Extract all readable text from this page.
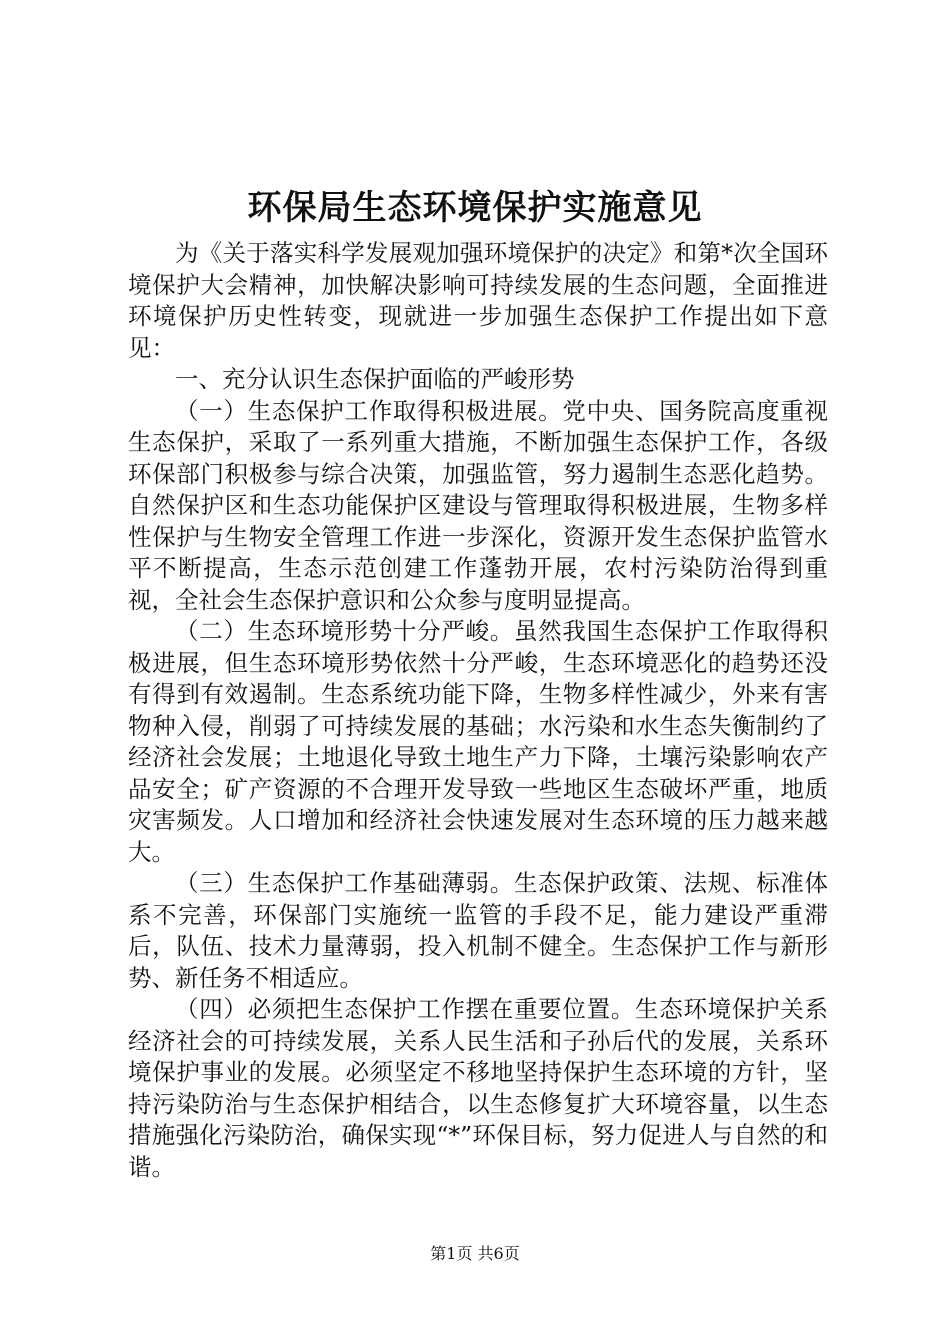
环保局生态环境保护实施意见

为《关于落实科学发展观加强环境保护的决定》和第*次全国环境保护大会精神，加快解决影响可持续发展的生态问题，全面推进环境保护历史性转变，现就进一步加强生态保护工作提出如下意见：

一、充分认识生态保护面临的严峻形势

（一）生态保护工作取得积极进展。党中央、国务院高度重视生态保护，采取了一系列重大措施，不断加强生态保护工作，各级环保部门积极参与综合决策，加强监管，努力遏制生态恶化趋势。自然保护区和生态功能保护区建设与管理取得积极进展，生物多样性保护与生物安全管理工作进一步深化，资源开发生态保护监管水平不断提高，生态示范创建工作蓬勃开展，农村污染防治得到重视，全社会生态保护意识和公众参与度明显提高。

（二）生态环境形势十分严峻。虽然我国生态保护工作取得积极进展，但生态环境形势依然十分严峻，生态环境恶化的趋势还没有得到有效遏制。生态系统功能下降，生物多样性减少，外来有害物种入侵，削弱了可持续发展的基础；水污染和水生态失衡制约了经济社会发展；土地退化导致土地生产力下降，土壤污染影响农产品安全；矿产资源的不合理开发导致一些地区生态破坏严重，地质灾害频发。人口增加和经济社会快速发展对生态环境的压力越来越大。

（三）生态保护工作基础薄弱。生态保护政策、法规、标准体系不完善，环保部门实施统一监管的手段不足，能力建设严重滞后，队伍、技术力量薄弱，投入机制不健全。生态保护工作与新形势、新任务不相适应。

（四）必须把生态保护工作摆在重要位置。生态环境保护关系经济社会的可持续发展，关系人民生活和子孙后代的发展，关系环境保护事业的发展。必须坚定不移地坚持保护生态环境的方针，坚持污染防治与生态保护相结合，以生态修复扩大环境容量，以生态措施强化污染防治，确保实现“*”环保目标，努力促进人与自然的和谐。

第1页 共6页
